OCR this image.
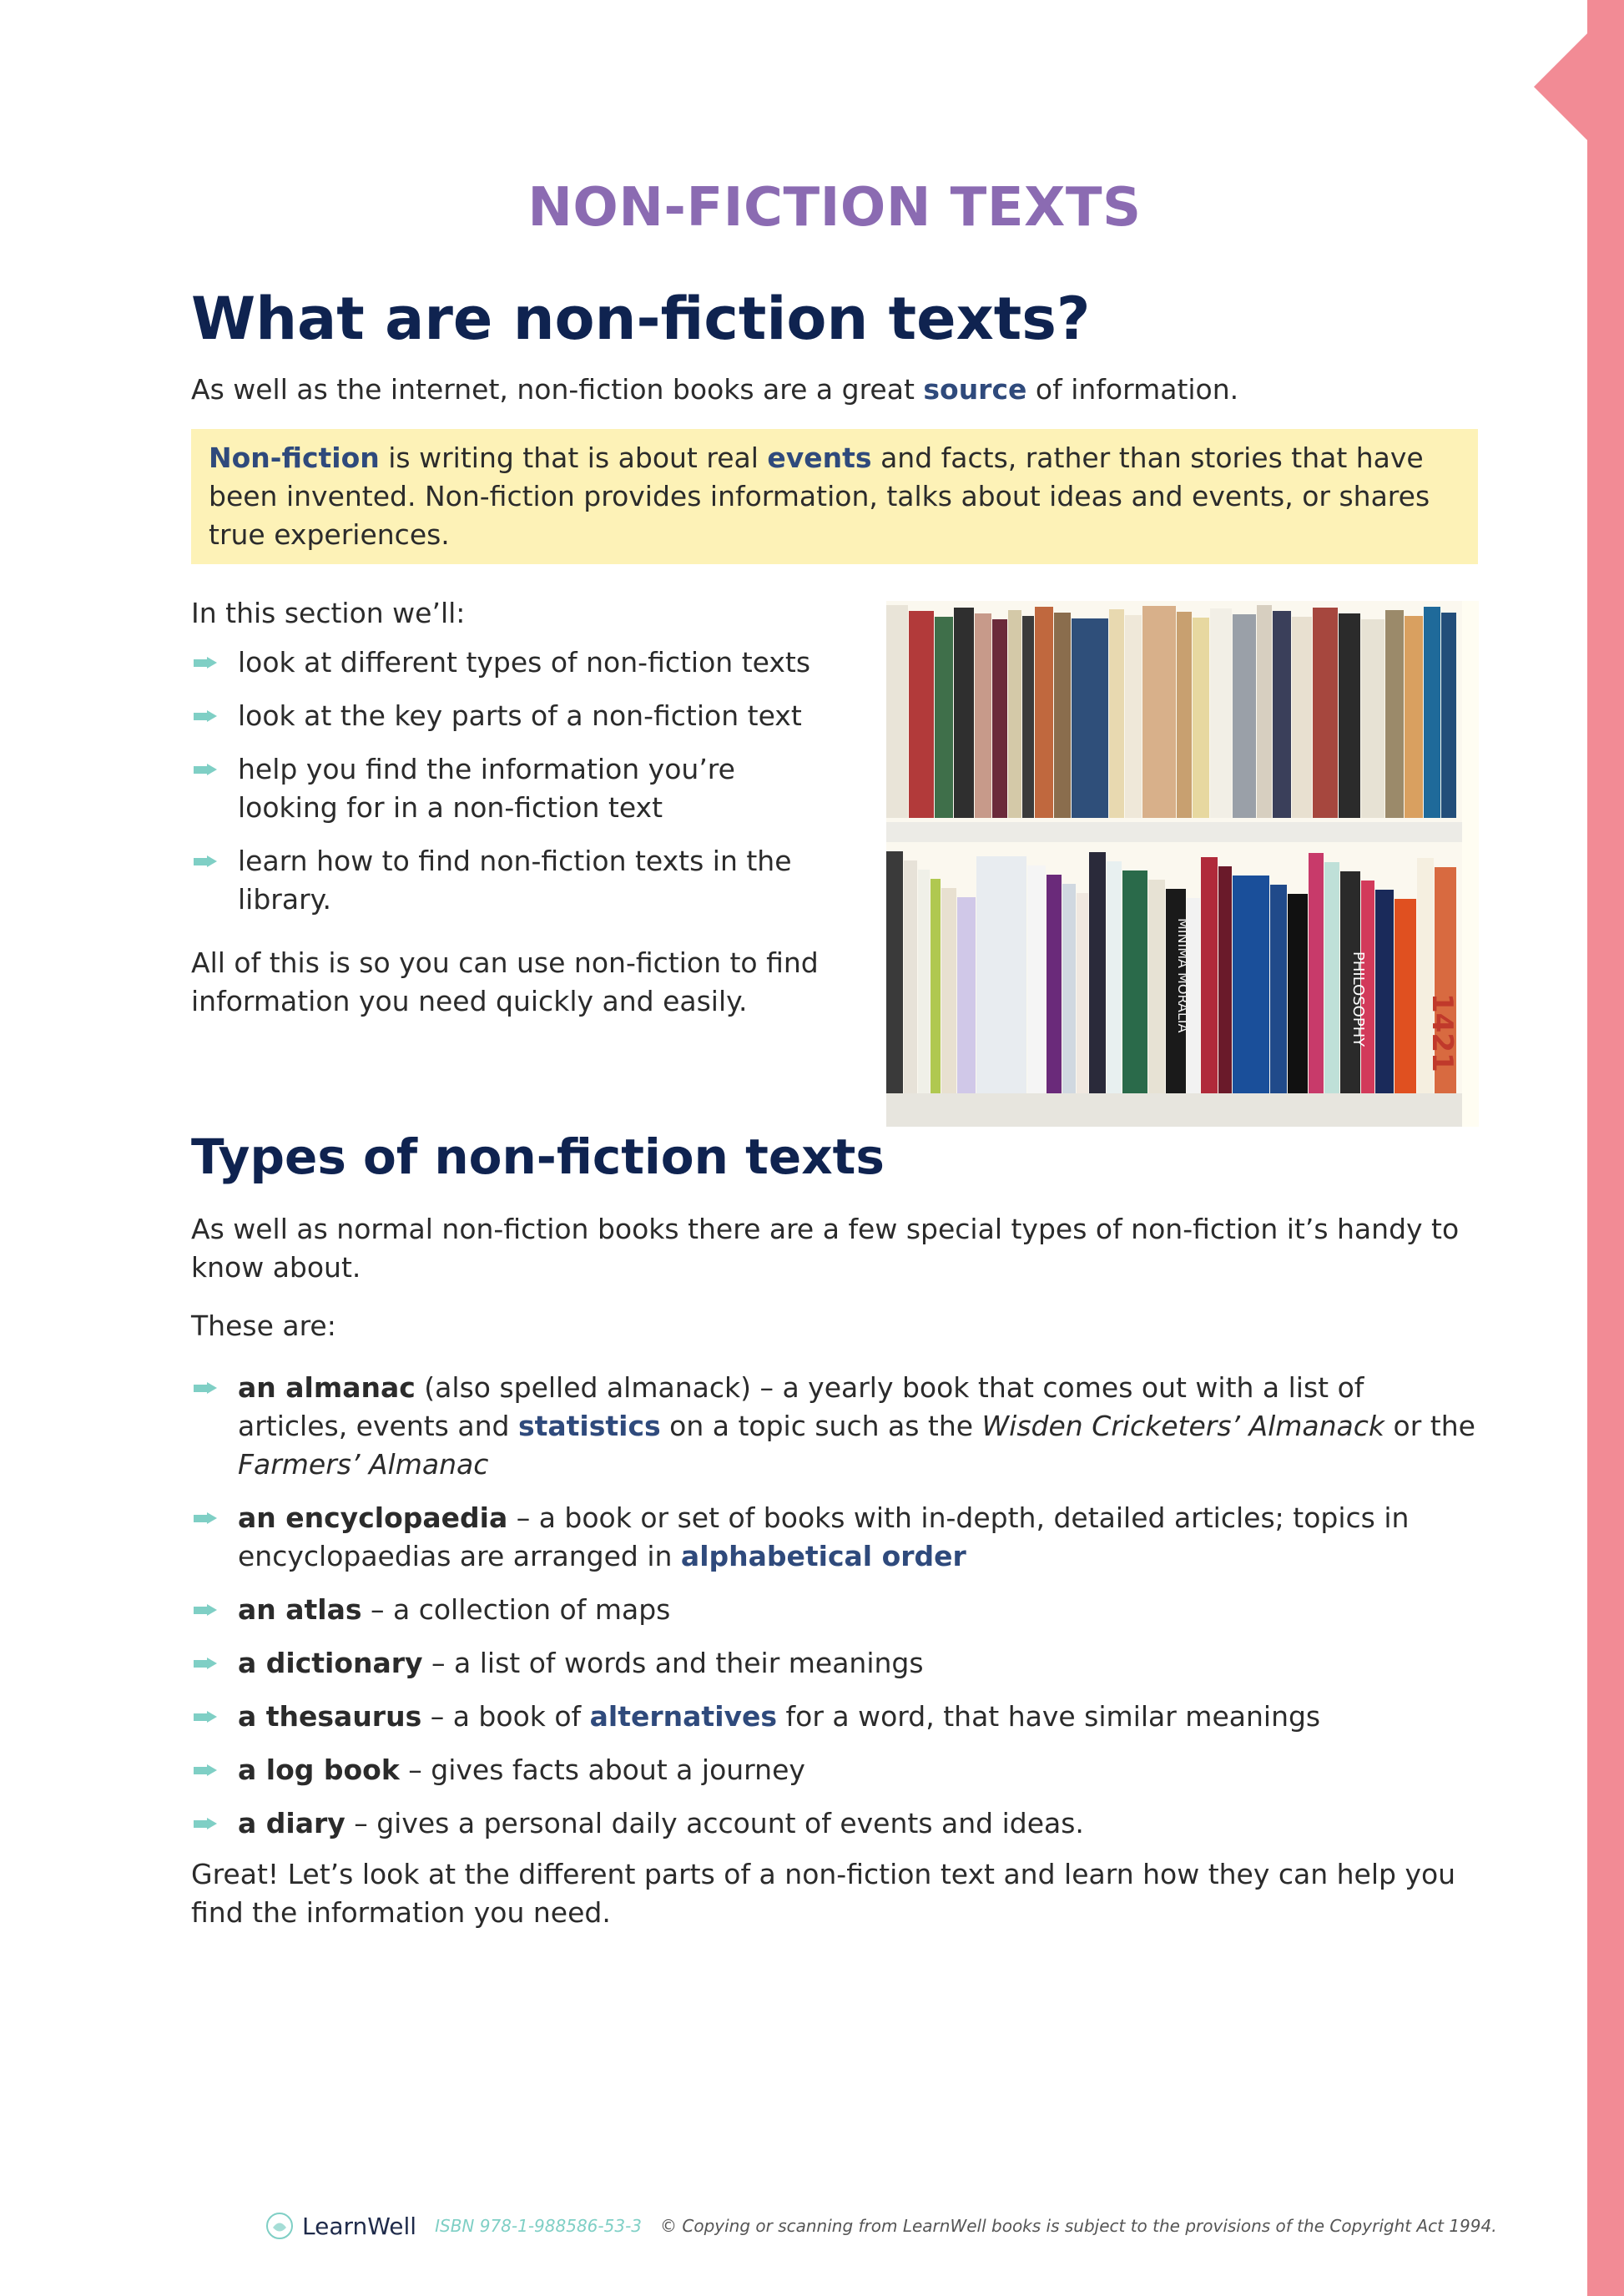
NON-FICTION TEXTS
What are non-fiction texts?

As well as the internet, non-fiction books are a great source of information.

Non-fiction is writing that is about real events and facts, rather than stories that have been invented. Non-fiction provides information, talks about ideas and events, or shares true experiences.

In this section we’ll:

look at different types of non-fiction texts
look at the key parts of a non-fiction text
help you find the information you’re looking for in a non-fiction text
learn how to find non-fiction texts in the library.

All of this is so you can use non-fiction to find information you need quickly and easily.	PHILOSOPHY
MINIMA MORALIA	1421
Types of non-fiction texts

As well as normal non-fiction books there are a few special types of non-fiction it’s handy to know about.

These are:

an almanac (also spelled almanack) – a yearly book that comes out with a list of articles, events and statistics on a topic such as the Wisden Cricketers’ Almanack or the Farmers’ Almanac
an encyclopaedia – a book or set of books with in-depth, detailed articles; topics in encyclopaedias are arranged in alphabetical order
an atlas – a collection of maps
a dictionary – a list of words and their meanings
a thesaurus – a book of alternatives for a word, that have similar meanings
a log book – gives facts about a journey
a diary – gives a personal daily account of events and ideas.

Great! Let’s look at the different parts of a non-fiction text and learn how they can help you find the information you need.

LearnWell ISBN 978-1-988586-53-3 © Copying or scanning from LearnWell books is subject to the provisions of the Copyright Act 1994.
